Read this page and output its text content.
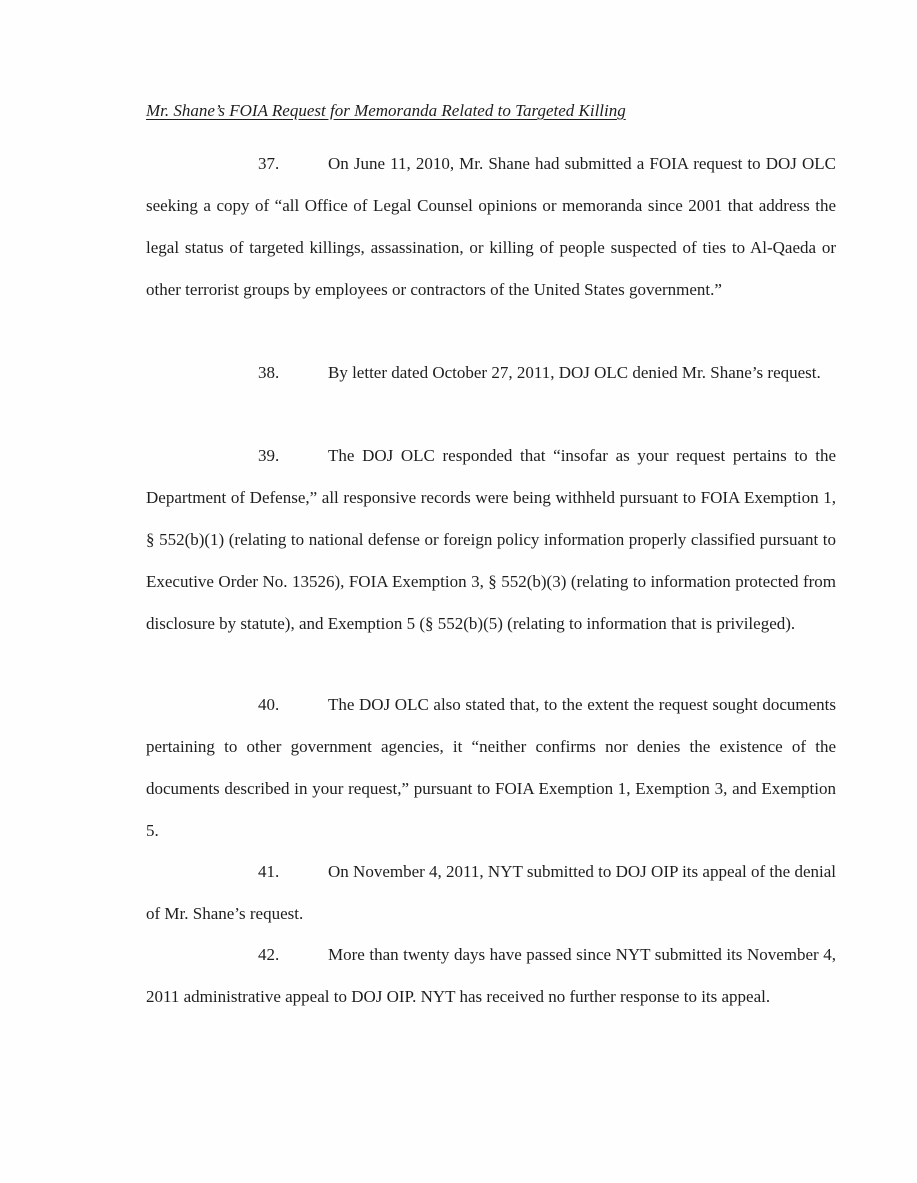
Mr. Shane’s FOIA Request for Memoranda Related to Targeted Killing

37.	On June 11, 2010, Mr. Shane had submitted a FOIA request to DOJ OLC seeking a copy of “all Office of Legal Counsel opinions or memoranda since 2001 that address the legal status of targeted killings, assassination, or killing of people suspected of ties to Al-Qaeda or other terrorist groups by employees or contractors of the United States government.”

38.	By letter dated October 27, 2011, DOJ OLC denied Mr. Shane’s request.

39.	The DOJ OLC responded that “insofar as your request pertains to the Department of Defense,” all responsive records were being withheld pursuant to FOIA Exemption 1, § 552(b)(1) (relating to national defense or foreign policy information properly classified pursuant to Executive Order No. 13526), FOIA Exemption 3, § 552(b)(3) (relating to information protected from disclosure by statute), and Exemption 5 (§ 552(b)(5) (relating to information that is privileged).

40.	The DOJ OLC also stated that, to the extent the request sought documents pertaining to other government agencies, it “neither confirms nor denies the existence of the documents described in your request,” pursuant to FOIA Exemption 1, Exemption 3, and Exemption 5.

41.	On November 4, 2011, NYT submitted to DOJ OIP its appeal of the denial of Mr. Shane’s request.

42.	More than twenty days have passed since NYT submitted its November 4, 2011 administrative appeal to DOJ OIP. NYT has received no further response to its appeal.
